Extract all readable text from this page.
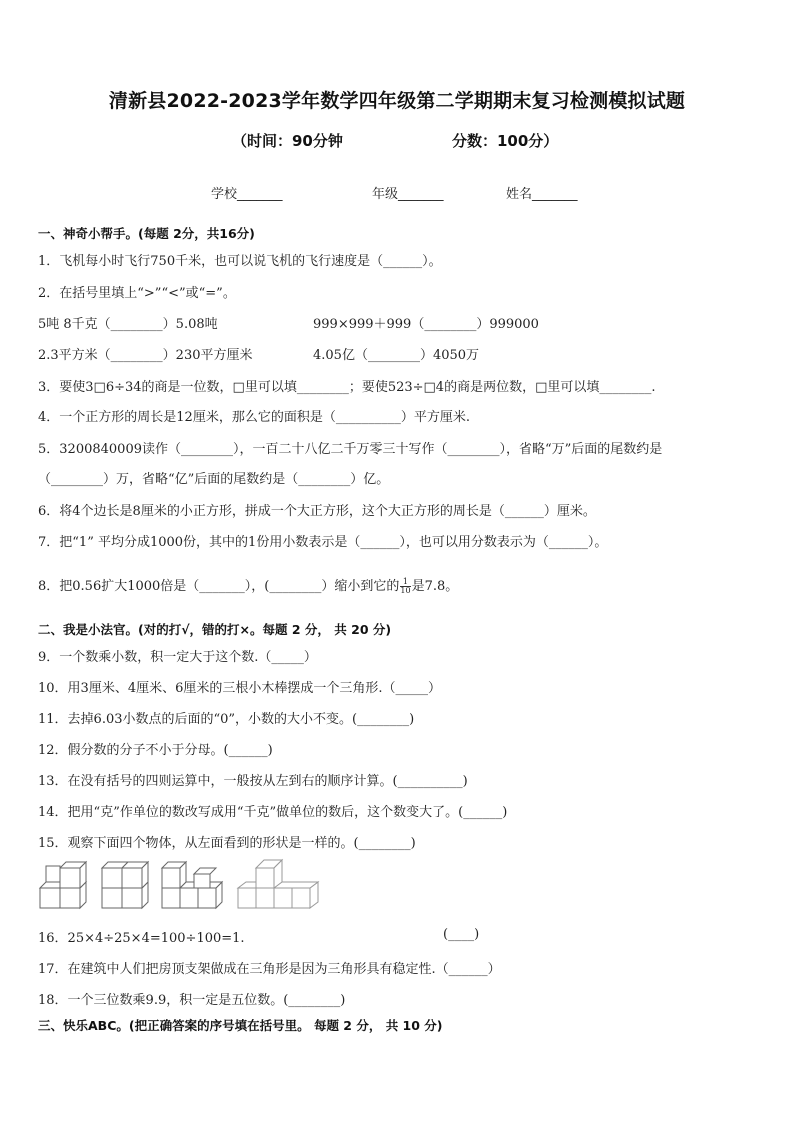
清新县2022-2023学年数学四年级第二学期期末复习检测模拟试题
（时间：90分钟	分数：100分）
学校_______	年级_______	姓名_______
一、神奇小帮手。(每题 2分，共16分)
1．飞机每小时飞行750千米，也可以说飞机的飞行速度是（______）。
2．在括号里填上“>”“<”或“=”。
5吨 8千克（________）5.08吨	999×999＋999（________）999000
2.3平方米（________）230平方厘米	4.05亿（________）4050万
3．要使3□6÷34的商是一位数，□里可以填________；要使523÷□4的商是两位数，□里可以填________.
4．一个正方形的周长是12厘米，那么它的面积是（__________）平方厘米.
5．3200840009读作（________），一百二十八亿二千万零三十写作（________），省略“万”后面的尾数约是
（________）万，省略“亿”后面的尾数约是（________）亿。
6．将4个边长是8厘米的小正方形，拼成一个大正方形，这个大正方形的周长是（______）厘米。
7．把“1” 平均分成1000份，其中的1份用小数表示是（______），也可以用分数表示为（______）。
8．把0.56扩大1000倍是（_______），(________）缩小到它的 $\frac{1}{10}$ 是7.8。
二、我是小法官。(对的打√，错的打×。每题 2 分， 共 20 分)
9．一个数乘小数，积一定大于这个数.（_____）
10．用3厘米、4厘米、6厘米的三根小木棒摆成一个三角形.（_____）
11．去掉6.03小数点的后面的“0”，小数的大小不变。(________)
12．假分数的分子不小于分母。(______)
13．在没有括号的四则运算中，一般按从左到右的顺序计算。(__________)
14．把用“克”作单位的数改写成用“千克”做单位的数后，这个数变大了。(______)
15．观察下面四个物体，从左面看到的形状是一样的。(________)
16．25×4÷25×4=100÷100=1.	(____)
17．在建筑中人们把房顶支架做成在三角形是因为三角形具有稳定性.（______）
18．一个三位数乘9.9，积一定是五位数。(________)
三、快乐ABC。(把正确答案的序号填在括号里。 每题 2 分， 共 10 分)
